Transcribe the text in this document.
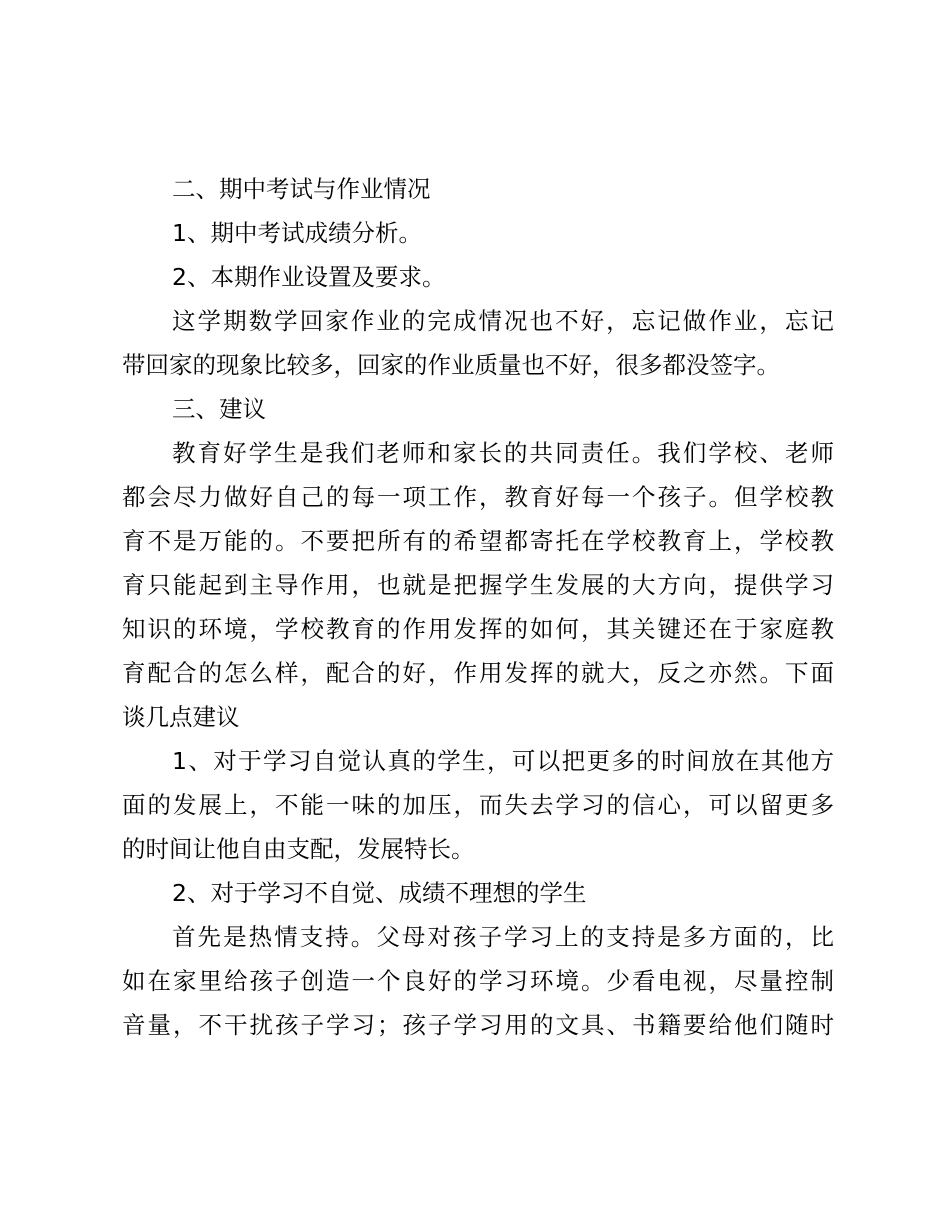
二、期中考试与作业情况
1、期中考试成绩分析。
2、本期作业设置及要求。
这学期数学回家作业的完成情况也不好，忘记做作业，忘记
带回家的现象比较多，回家的作业质量也不好，很多都没签字。
三、建议
教育好学生是我们老师和家长的共同责任。我们学校、老师
都会尽力做好自己的每一项工作，教育好每一个孩子。但学校教
育不是万能的。不要把所有的希望都寄托在学校教育上，学校教
育只能起到主导作用，也就是把握学生发展的大方向，提供学习
知识的环境，学校教育的作用发挥的如何，其关键还在于家庭教
育配合的怎么样，配合的好，作用发挥的就大，反之亦然。下面
谈几点建议
1、对于学习自觉认真的学生，可以把更多的时间放在其他方
面的发展上，不能一味的加压，而失去学习的信心，可以留更多
的时间让他自由支配，发展特长。
2、对于学习不自觉、成绩不理想的学生
首先是热情支持。父母对孩子学习上的支持是多方面的，比
如在家里给孩子创造一个良好的学习环境。少看电视，尽量控制
音量，不干扰孩子学习；孩子学习用的文具、书籍要给他们随时
